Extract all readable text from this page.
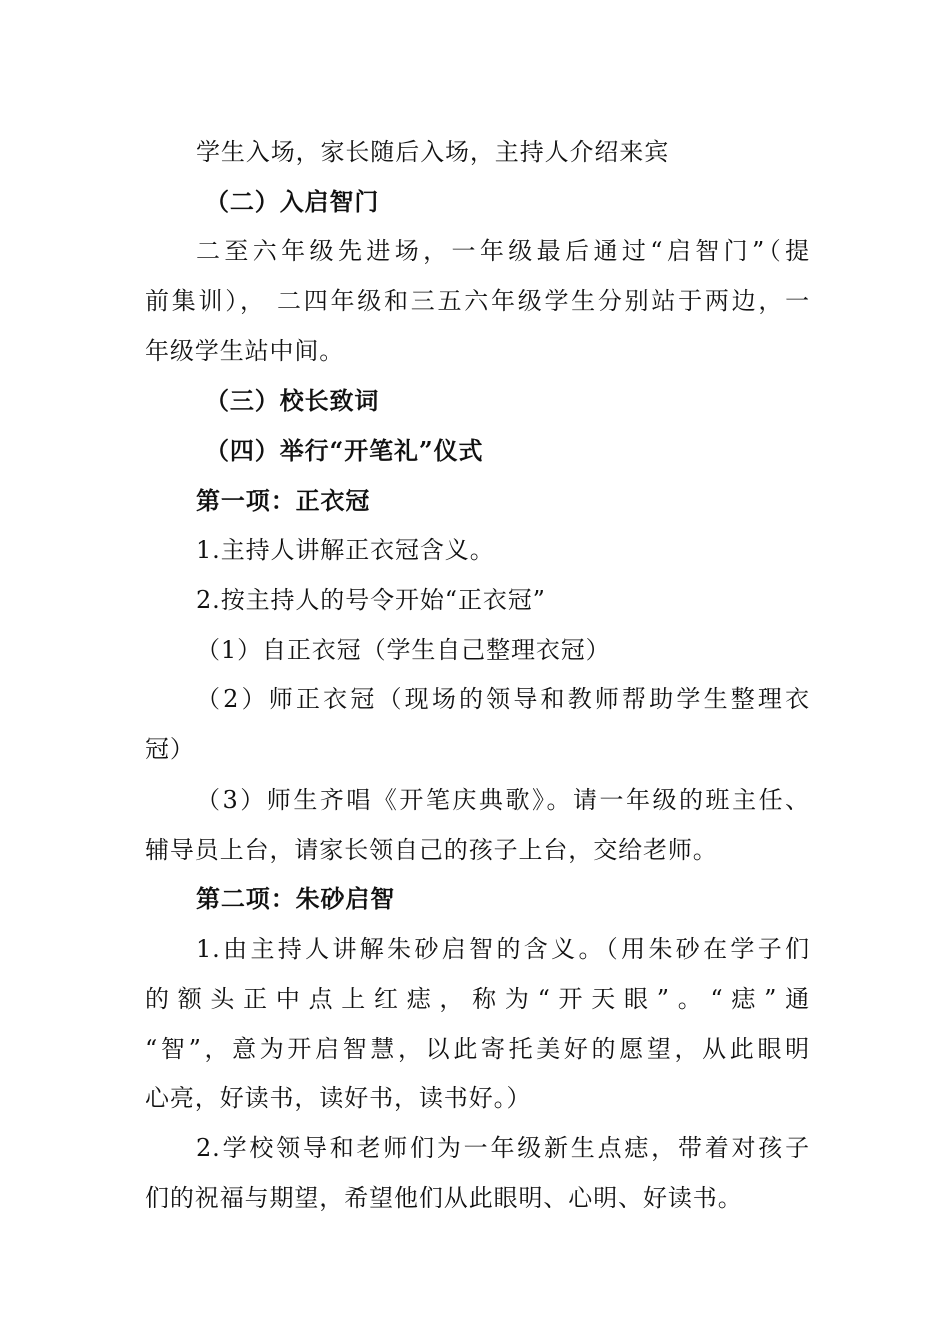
学生入场，家长随后入场，主持人介绍来宾
（二）入启智门
二至六年级先进场，一年级最后通过“启智门”（提
前集训）， 二四年级和三五六年级学生分别站于两边，一
年级学生站中间。
（三）校长致词
（四）举行“开笔礼”仪式
第一项：正衣冠
1.主持人讲解正衣冠含义。
2.按主持人的号令开始“正衣冠”
（1）自正衣冠（学生自己整理衣冠）
（2）师正衣冠（现场的领导和教师帮助学生整理衣
冠）
（3）师生齐唱《开笔庆典歌》。请一年级的班主任、
辅导员上台，请家长领自己的孩子上台，交给老师。
第二项：朱砂启智
1.由主持人讲解朱砂启智的含义。（用朱砂在学子们
的额头正中点上红痣，称为“开天眼”。“痣”通
“智”，意为开启智慧，以此寄托美好的愿望，从此眼明
心亮，好读书，读好书，读书好。）
2.学校领导和老师们为一年级新生点痣，带着对孩子
们的祝福与期望，希望他们从此眼明、心明、好读书。
